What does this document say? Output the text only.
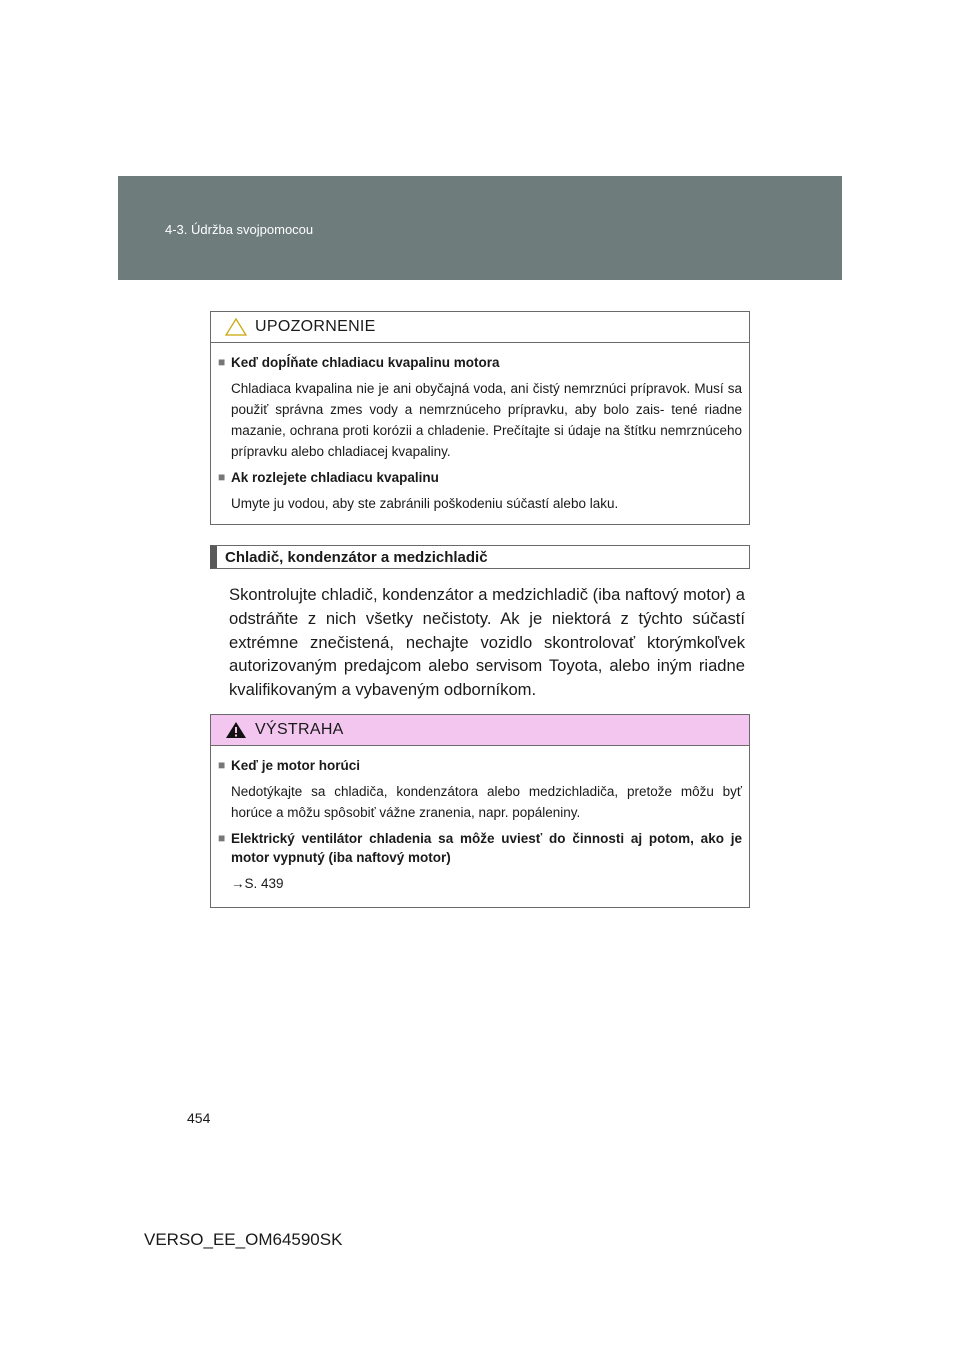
4-3. Údržba svojpomocou
UPOZORNENIE
■ Keď dopĺňate chladiacu kvapalinu motora
Chladiaca kvapalina nie je ani obyčajná voda, ani čistý nemrznúci prípravok. Musí sa použiť správna zmes vody a nemrznúceho prípravku, aby bolo zais- tené riadne mazanie, ochrana proti korózii a chladenie. Prečítajte si údaje na štítku nemrznúceho prípravku alebo chladiacej kvapaliny.
■ Ak rozlejete chladiacu kvapalinu
Umyte ju vodou, aby ste zabránili poškodeniu súčastí alebo laku.
Chladič, kondenzátor a medzichladič
Skontrolujte chladič, kondenzátor a medzichladič (iba naftový motor) a odstráňte z nich všetky nečistoty. Ak je niektorá z týchto súčastí extrémne znečistená, nechajte vozidlo skontrolovať ktorýmkoľvek autorizovaným predajcom alebo servisom Toyota, alebo iným riadne kvalifikovaným a vybaveným odborníkom.
VÝSTRAHA
■ Keď je motor horúci
Nedotýkajte sa chladiča, kondenzátora alebo medzichladiča, pretože môžu byť horúce a môžu spôsobiť vážne zranenia, napr. popáleniny.
■ Elektrický ventilátor chladenia sa môže uviesť do činnosti aj potom, ako je motor vypnutý (iba naftový motor)
→S. 439
454
VERSO_EE_OM64590SK
